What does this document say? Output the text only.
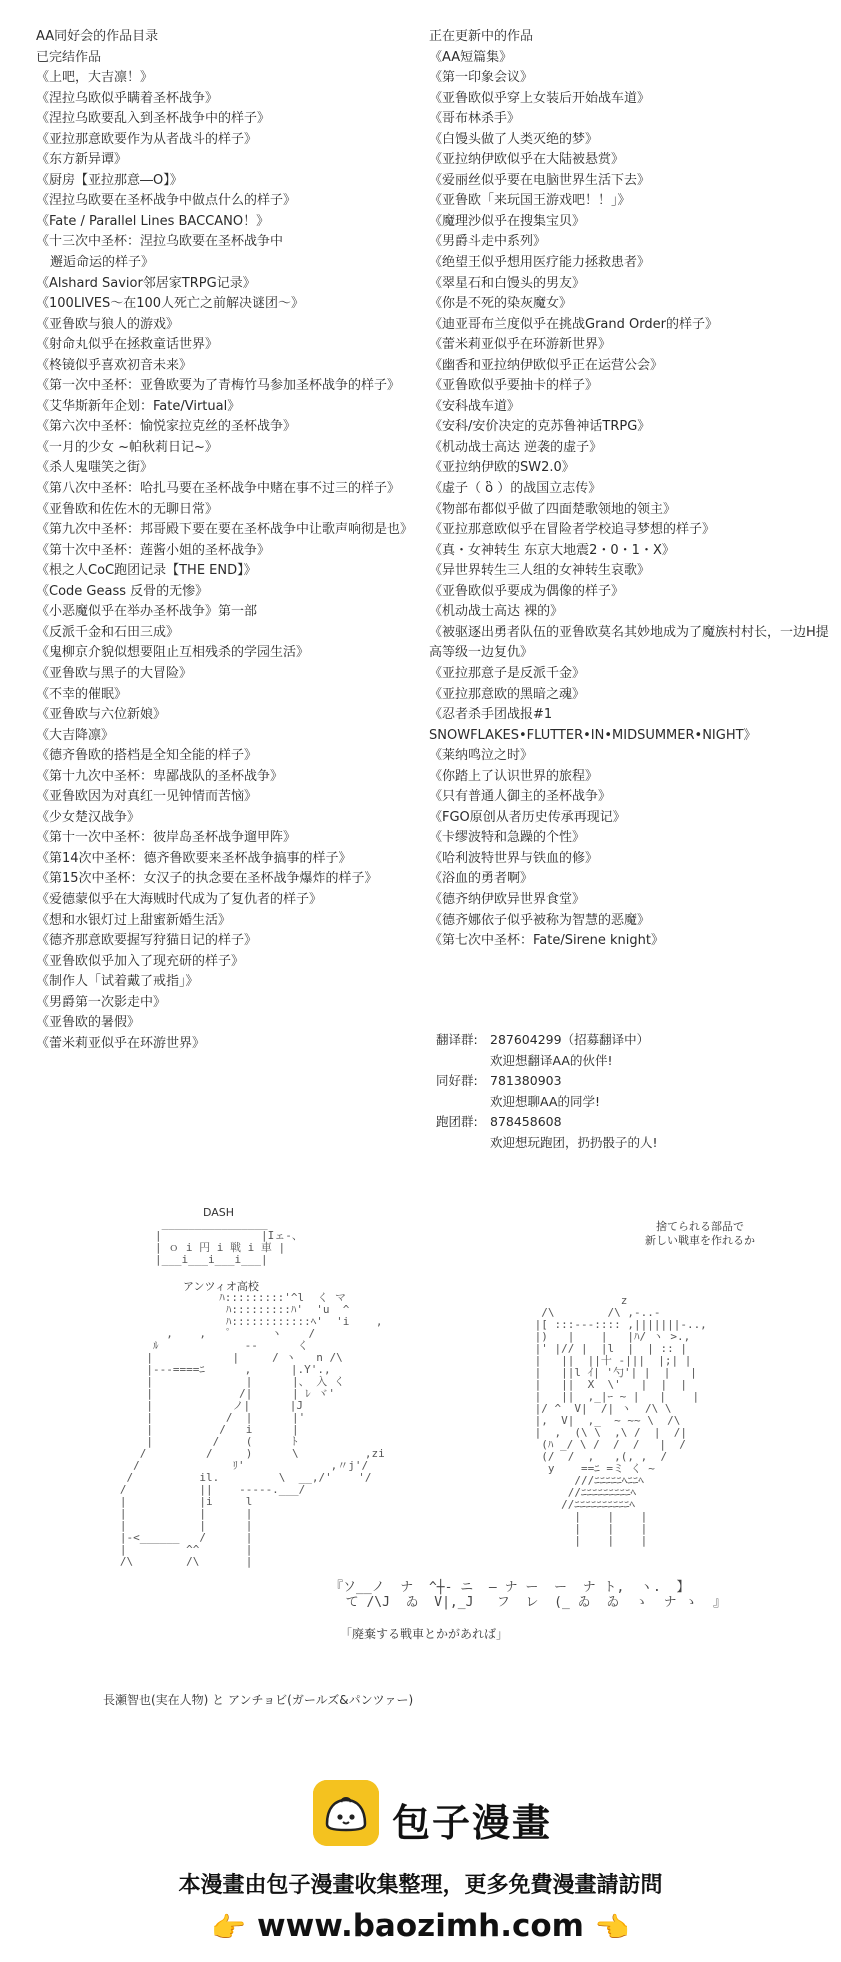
AA同好会的作品目录
已完结作品
《上吧，大吉凛！》
《涅拉乌欧似乎瞒着圣杯战争》
《涅拉乌欧要乱入到圣杯战争中的样子》
《亚拉那意欧要作为从者战斗的样子》
《东方新异谭》
《厨房【亚拉那意―O】》
《涅拉乌欧要在圣杯战争中做点什么的样子》
《Fate / Parallel Lines BACCANO！》
《十三次中圣杯：涅拉乌欧要在圣杯战争中
邂逅命运的样子》
《Alshard Savior邻居家TRPG记录》
《100LIVES～在100人死亡之前解决谜团～》
《亚鲁欧与狼人的游戏》
《射命丸似乎在拯救童话世界》
《柊镜似乎喜欢初音未来》
《第一次中圣杯：亚鲁欧要为了青梅竹马参加圣杯战争的样子》
《艾华斯新年企划：Fate/Virtual》
《第六次中圣杯：愉悦家拉克丝的圣杯战争》
《一月的少女 ~帕秋莉日记~》
《杀人鬼嗤笑之街》
《第八次中圣杯：哈扎马要在圣杯战争中赌在事不过三的样子》
《亚鲁欧和佐佐木的无聊日常》
《第九次中圣杯：邦哥殿下要在要在圣杯战争中让歌声响彻是也》
《第十次中圣杯：莲酱小姐的圣杯战争》
《根之人CoC跑团记录【THE END】》
《Code Geass 反骨的无惨》
《小恶魔似乎在举办圣杯战争》第一部
《反派千金和石田三成》
《鬼柳京介貌似想要阻止互相残杀的学园生活》
《亚鲁欧与黑子的大冒险》
《不幸的催眠》
《亚鲁欧与六位新娘》
《大吉降凛》
《德齐鲁欧的搭档是全知全能的样子》
《第十九次中圣杯：卑鄙战队的圣杯战争》
《亚鲁欧因为对真红一见钟情而苦恼》
《少女楚汉战争》
《第十一次中圣杯：彼岸岛圣杯战争遛甲阵》
《第14次中圣杯：德齐鲁欧要来圣杯战争搞事的样子》
《第15次中圣杯：女汉子的执念要在圣杯战争爆炸的样子》
《爱德蒙似乎在大海贼时代成为了复仇者的样子》
《想和水银灯过上甜蜜新婚生活》
《德齐那意欧要握写狩猫日记的样子》
《亚鲁欧似乎加入了现充研的样子》
《制作人「试着戴了戒指」》
《男爵第一次影走中》
《亚鲁欧的暑假》
《蕾米莉亚似乎在环游世界》
正在更新中的作品
《AA短篇集》
《第一印象会议》
《亚鲁欧似乎穿上女装后开始战车道》
《哥布林杀手》
《白馒头做了人类灭绝的梦》
《亚拉纳伊欧似乎在大陆被悬赏》
《爱丽丝似乎要在电脑世界生活下去》
《亚鲁欧「来玩国王游戏吧！！」》
《魔理沙似乎在搜集宝贝》
《男爵斗走中系列》
《绝望王似乎想用医疗能力拯救患者》
《翠星石和白馒头的男友》
《你是不死的染灰魔女》
《迪亚哥布兰度似乎在挑战Grand Order的样子》
《蕾米莉亚似乎在环游新世界》
《幽香和亚拉纳伊欧似乎正在运营公会》
《亚鲁欧似乎要抽卡的样子》
《安科战车道》
《安科/安价决定的克苏鲁神话TRPG》
《机动战士高达 逆袭的虚子》
《亚拉纳伊欧的SW2.0》
《虚子（ ὃ ）的战国立志传》
《物部布都似乎做了四面楚歌领地的领主》
《亚拉那意欧似乎在冒险者学校追寻梦想的样子》
《真・女神转生 东京大地震2・0・1・X》
《异世界转生三人组的女神转生哀歌》
《亚鲁欧似乎要成为偶像的样子》
《机动战士高达 裸的》
《被驱逐出勇者队伍的亚鲁欧莫名其妙地成为了魔族村村长，一边H提高等级一边复仇》
《亚拉那意子是反派千金》
《亚拉那意欧的黑暗之魂》
《忍者杀手团战报#1 SNOWFLAKES•FLUTTER•IN•MIDSUMMER•NIGHT》
《莱纳鸣泣之时》
《你踏上了认识世界的旅程》
《只有普通人御主的圣杯战争》
《FGO原创从者历史传承再现记》
《卡缪波特和急躁的个性》
《哈利波特世界与铁血的修》
《浴血的勇者啊》
《德齐纳伊欧异世界食堂》
《德齐娜依子似乎被称为智慧的恶魔》
《第七次中圣杯：Fate/Sirene knight》
翻译群: 287604299（招募翻译中）
欢迎想翻译AA的伙伴!
同好群: 781380903
欢迎想聊AA的同学!
跑团群: 878458608
欢迎想玩跑团，扔扔骰子的人!
DASH
________________
|               |Iェ-、
| ｏ i 円 i 戦 i 車 |
|___i___i___i___|
アンツィオ高校
ﾊ:::::::::'^l  く マ
ﾊ:::::::::ﾊ'  'u  ^
ﾊ::::::::::::ﾍ'  'i    ,
,    ,   ﾟ      ヽ    /
ﾙ             --      く
|            |     / ヽ   n /\
|---====ﾆ      ,      |.Y'.,
|              |      |、 入 く
|             /|      | ﾚ ヾ'
|            ノ|      |J
|           /  |      |'
|          /   i      |
|         /    (      ﾄ
/         /     )      \          ,zi
/              ﾘ'             ,〃j'/
/          il.         \  __,/'    '/
/           ||    -----.___/
|           |i     l
|           |      |
|           |      |
|-<______   /      |
|         ^^       |
/\        /\       |
捨てられる部品で
新しい戦車を作れるか
z
/\        /\ ,-..-
|[ :::---:::: ,|||||||-..,
|)   |    |   |ﾊ/ ヽ >.,
|' |// |  |l  |  | :: |
|   ||  ||十 -|||  |;| |
|   ||l ｲ| '勺'| |  |   |
|   ||  X  \'   |  |  |
|   ||  ,_|ｰ ~ |   |    |
|/ ^  V|  /| ヽ  /\ \
|,  V|  ,_  ~ ~~ \  /\
|  ,  (\ \  ,\ /  |  /|
(ﾊ _/ \ /  /  /   |  /
(/  /  ,   ,(, ,  /
y    ==ﾆ =ミ く ~
///ﾆﾆﾆﾆﾆﾍﾆﾆﾍ
//ﾆﾆﾆﾆﾆﾆﾆﾆﾆﾍ
//ﾆﾆﾆﾆﾆﾆﾆﾆﾆﾆﾍ
|    |    |
|    |    |
|    |    |
『ソ__ノ  ナ  ^┼‐ ニ  ― ナ ー  ー  ナ ト,  ヽ.  】
て /\J  ゐ  V|,_J   フ  レ  (_ ゐ  ゐ  ゝ  ナ ゝ  』
「廃棄する戦車とかがあれば」
長瀬智也(実在人物) と アンチョビ(ガールズ&パンツァー)
包子漫畫
本漫畫由包子漫畫收集整理，更多免費漫畫請訪問
👉 www.baozimh.com 👈
